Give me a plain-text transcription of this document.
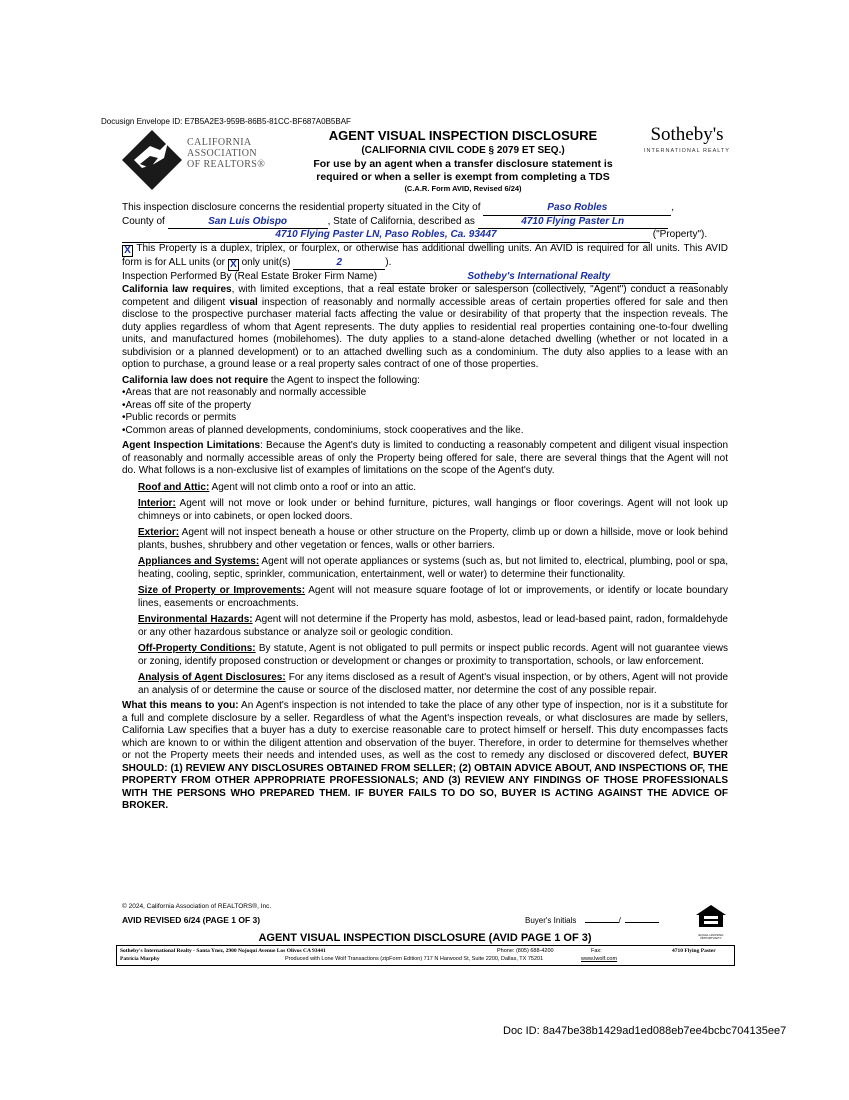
Docusign Envelope ID: E7B5A2E3-959B-86B5-81CC-BF687A0B5BAF
CALIFORNIA
ASSOCIATION
OF REALTORS®
AGENT VISUAL INSPECTION DISCLOSURE
(CALIFORNIA CIVIL CODE § 2079 ET SEQ.)
For use by an agent when a transfer disclosure statement is
required or when a seller is exempt from completing a TDS
(C.A.R. Form AVID, Revised 6/24)
Sotheby's
INTERNATIONAL REALTY

This inspection disclosure concerns the residential property situated in the City of	Paso Robles	,
County of	San Luis Obispo	, State of California, described as	4710 Flying Paster Ln
4710 Flying Paster LN, Paso Robles, Ca. 93447	("Property").

X This Property is a duplex, triplex, or fourplex, or otherwise has additional dwelling units. An AVID is required for all units. This AVID form is for ALL units (or X only unit(s)	2	).
Inspection Performed By (Real Estate Broker Firm Name)	Sotheby's International Realty

California law requires, with limited exceptions, that a real estate broker or salesperson (collectively, "Agent") conduct a reasonably competent and diligent visual inspection of reasonably and normally accessible areas of certain properties offered for sale and then disclose to the prospective purchaser material facts affecting the value or desirability of that property that the inspection reveals. The duty applies regardless of whom that Agent represents. The duty applies to residential real properties containing one-to-four dwelling units, and manufactured homes (mobilehomes). The duty applies to a stand-alone detached dwelling (whether or not located in a subdivision or a planned development) or to an attached dwelling such as a condominium. The duty also applies to a lease with an option to purchase, a ground lease or a real property sales contract of one of those properties.

California law does not require the Agent to inspect the following:

• Areas that are not reasonably and normally accessible
• Areas off site of the property
• Public records or permits
• Common areas of planned developments, condominiums, stock cooperatives and the like.

Agent Inspection Limitations: Because the Agent's duty is limited to conducting a reasonably competent and diligent visual inspection of reasonably and normally accessible areas of only the Property being offered for sale, there are several things that the Agent will not do. What follows is a non-exclusive list of examples of limitations on the scope of the Agent's duty.

Roof and Attic: Agent will not climb onto a roof or into an attic.

Interior: Agent will not move or look under or behind furniture, pictures, wall hangings or floor coverings. Agent will not look up chimneys or into cabinets, or open locked doors.

Exterior: Agent will not inspect beneath a house or other structure on the Property, climb up or down a hillside, move or look behind plants, bushes, shrubbery and other vegetation or fences, walls or other barriers.

Appliances and Systems: Agent will not operate appliances or systems (such as, but not limited to, electrical, plumbing, pool or spa, heating, cooling, septic, sprinkler, communication, entertainment, well or water) to determine their functionality.

Size of Property or Improvements: Agent will not measure square footage of lot or improvements, or identify or locate boundary lines, easements or encroachments.

Environmental Hazards: Agent will not determine if the Property has mold, asbestos, lead or lead-based paint, radon, formaldehyde or any other hazardous substance or analyze soil or geologic condition.

Off-Property Conditions: By statute, Agent is not obligated to pull permits or inspect public records. Agent will not guarantee views or zoning, identify proposed construction or development or changes or proximity to transportation, schools, or law enforcement.

Analysis of Agent Disclosures: For any items disclosed as a result of Agent's visual inspection, or by others, Agent will not provide an analysis of or determine the cause or source of the disclosed matter, nor determine the cost of any possible repair.

What this means to you: An Agent's inspection is not intended to take the place of any other type of inspection, nor is it a substitute for a full and complete disclosure by a seller. Regardless of what the Agent's inspection reveals, or what disclosures are made by sellers, California Law specifies that a buyer has a duty to exercise reasonable care to protect himself or herself. This duty encompasses facts which are known to or within the diligent attention and observation of the buyer. Therefore, in order to determine for themselves whether or not the Property meets their needs and intended uses, as well as the cost to remedy any disclosed or discovered defect, BUYER SHOULD: (1) REVIEW ANY DISCLOSURES OBTAINED FROM SELLER; (2) OBTAIN ADVICE ABOUT, AND INSPECTIONS OF, THE PROPERTY FROM OTHER APPROPRIATE PROFESSIONALS; AND (3) REVIEW ANY FINDINGS OF THOSE PROFESSIONALS WITH THE PERSONS WHO PREPARED THEM. IF BUYER FAILS TO DO SO, BUYER IS ACTING AGAINST THE ADVICE OF BROKER.

© 2024, California Association of REALTORS®, Inc.
AVID REVISED 6/24 (PAGE 1 OF 3)	Buyer's Initials	/
EQUAL HOUSING OPPORTUNITY
AGENT VISUAL INSPECTION DISCLOSURE (AVID PAGE 1 OF 3)
Sotheby's International Realty - Santa Ynez, 2900 Nojoqui Avenue Los Olivos CA 93441
Patricia Murphy
Phone: (805) 688-4200	Fax:
Produced with Lone Wolf Transactions (zipForm Edition) 717 N Harwood St, Suite 2200, Dallas, TX 75201	www.lwolf.com
4710 Flying Paster
Doc ID: 8a47be38b1429ad1ed088eb7ee4bcbc704135ee7
